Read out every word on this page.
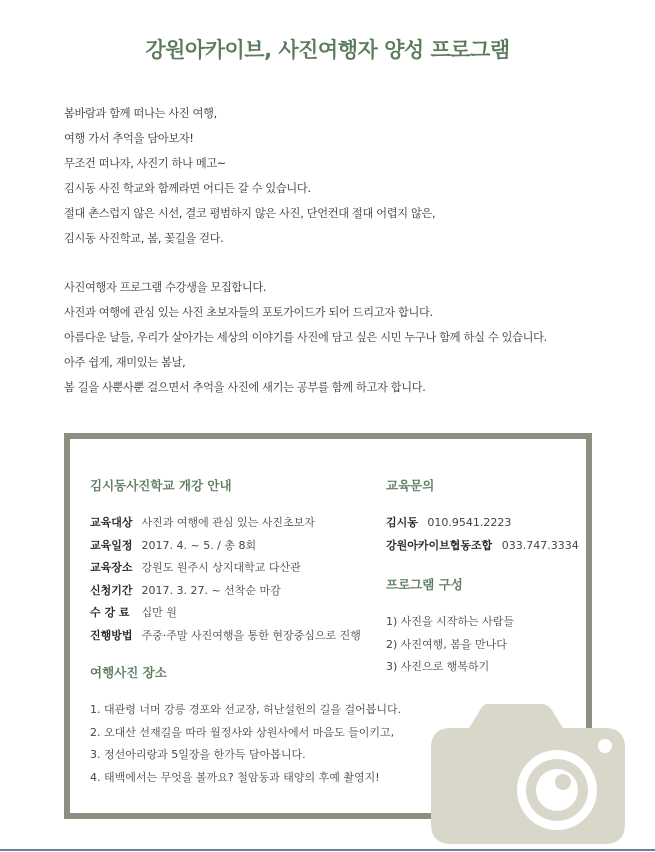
강원아카이브, 사진여행자 양성 프로그램

봄바람과 함께 떠나는 사진 여행,

여행 가서 추억을 담아보자!

무조건 떠나자, 사진기 하나 메고~

김시동 사진 학교와 함께라면 어디든 갈 수 있습니다.

절대 촌스럽지 않은 시선, 결코 평범하지 않은 사진, 단언컨대 절대 어렵지 않은,

김시동 사진학교, 봄, 꽃길을 걷다.

사진여행자 프로그램 수강생을 모집합니다.

사진과 여행에 관심 있는 사진 초보자들의 포토가이드가 되어 드리고자 합니다.

아름다운 날들, 우리가 살아가는 세상의 이야기를 사진에 담고 싶은 시민 누구나 함께 하실 수 있습니다.

아주 쉽게, 재미있는 봄날,

봄 길을 사뿐사뿐 걸으면서 추억을 사진에 새기는 공부를 함께 하고자 합니다.

김시동사진학교 개강 안내
교육대상 사진과 여행에 관심 있는 사진초보자
교육일정 2017. 4. ~ 5. / 총 8회
교육장소 강원도 원주시 상지대학교 다산관
신청기간 2017. 3. 27. ~ 선착순 마감
수 강 료 십만 원
진행방법 주중·주말 사진여행을 통한 현장중심으로 진행
여행사진 장소
1. 대관령 너머 강릉 경포와 선교장, 허난설헌의 길을 걸어봅니다.
2. 오대산 선재길을 따라 월정사와 상원사에서 마음도 들이키고,
3. 정선아리랑과 5일장을 한가득 담아봅니다.
4. 태백에서는 무엇을 볼까요? 철암동과 태양의 후예 촬영지!
교육문의
김시동 010.9541.2223
강원아카이브협동조합 033.747.3334
프로그램 구성
1) 사진을 시작하는 사람들
2) 사진여행, 봄을 만나다
3) 사진으로 행복하기
